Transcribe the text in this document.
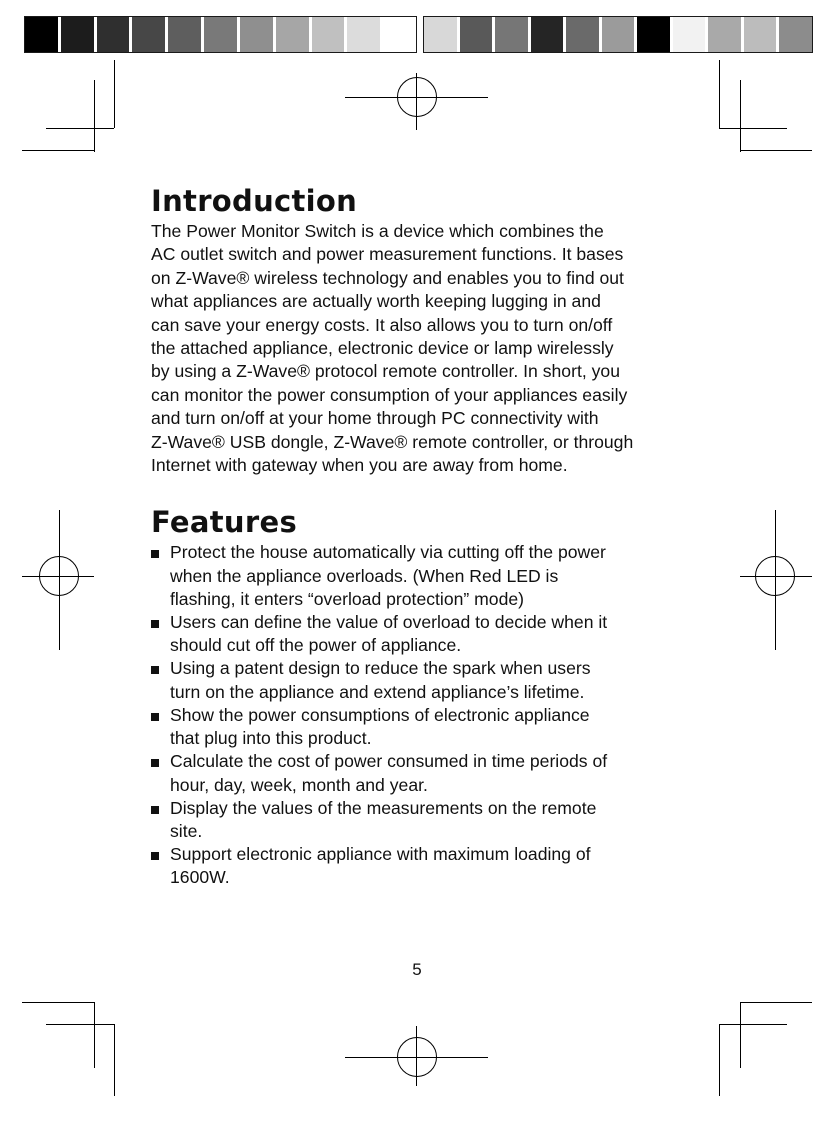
Introduction

The Power Monitor Switch is a device which combines the
AC outlet switch and power measurement functions. It bases
on Z-Wave® wireless technology and enables you to find out
what appliances are actually worth keeping lugging in and
can save your energy costs. It also allows you to turn on/off
the attached appliance, electronic device or lamp wirelessly
by using a Z-Wave® protocol remote controller. In short, you
can monitor the power consumption of your appliances easily
and turn on/off at your home through PC connectivity with
Z-Wave® USB dongle, Z-Wave® remote controller, or through
Internet with gateway when you are away from home.

Features
Protect the house automatically via cutting off the power
when the appliance overloads. (When Red LED is
flashing, it enters “overload protection” mode)
Users can define the value of overload to decide when it
should cut off the power of appliance.
Using a patent design to reduce the spark when users
turn on the appliance and extend appliance’s lifetime.
Show the power consumptions of electronic appliance
that plug into this product.
Calculate the cost of power consumed in time periods of
hour, day, week, month and year.
Display the values of the measurements on the remote
site.
Support electronic appliance with maximum loading of
1600W.
5
